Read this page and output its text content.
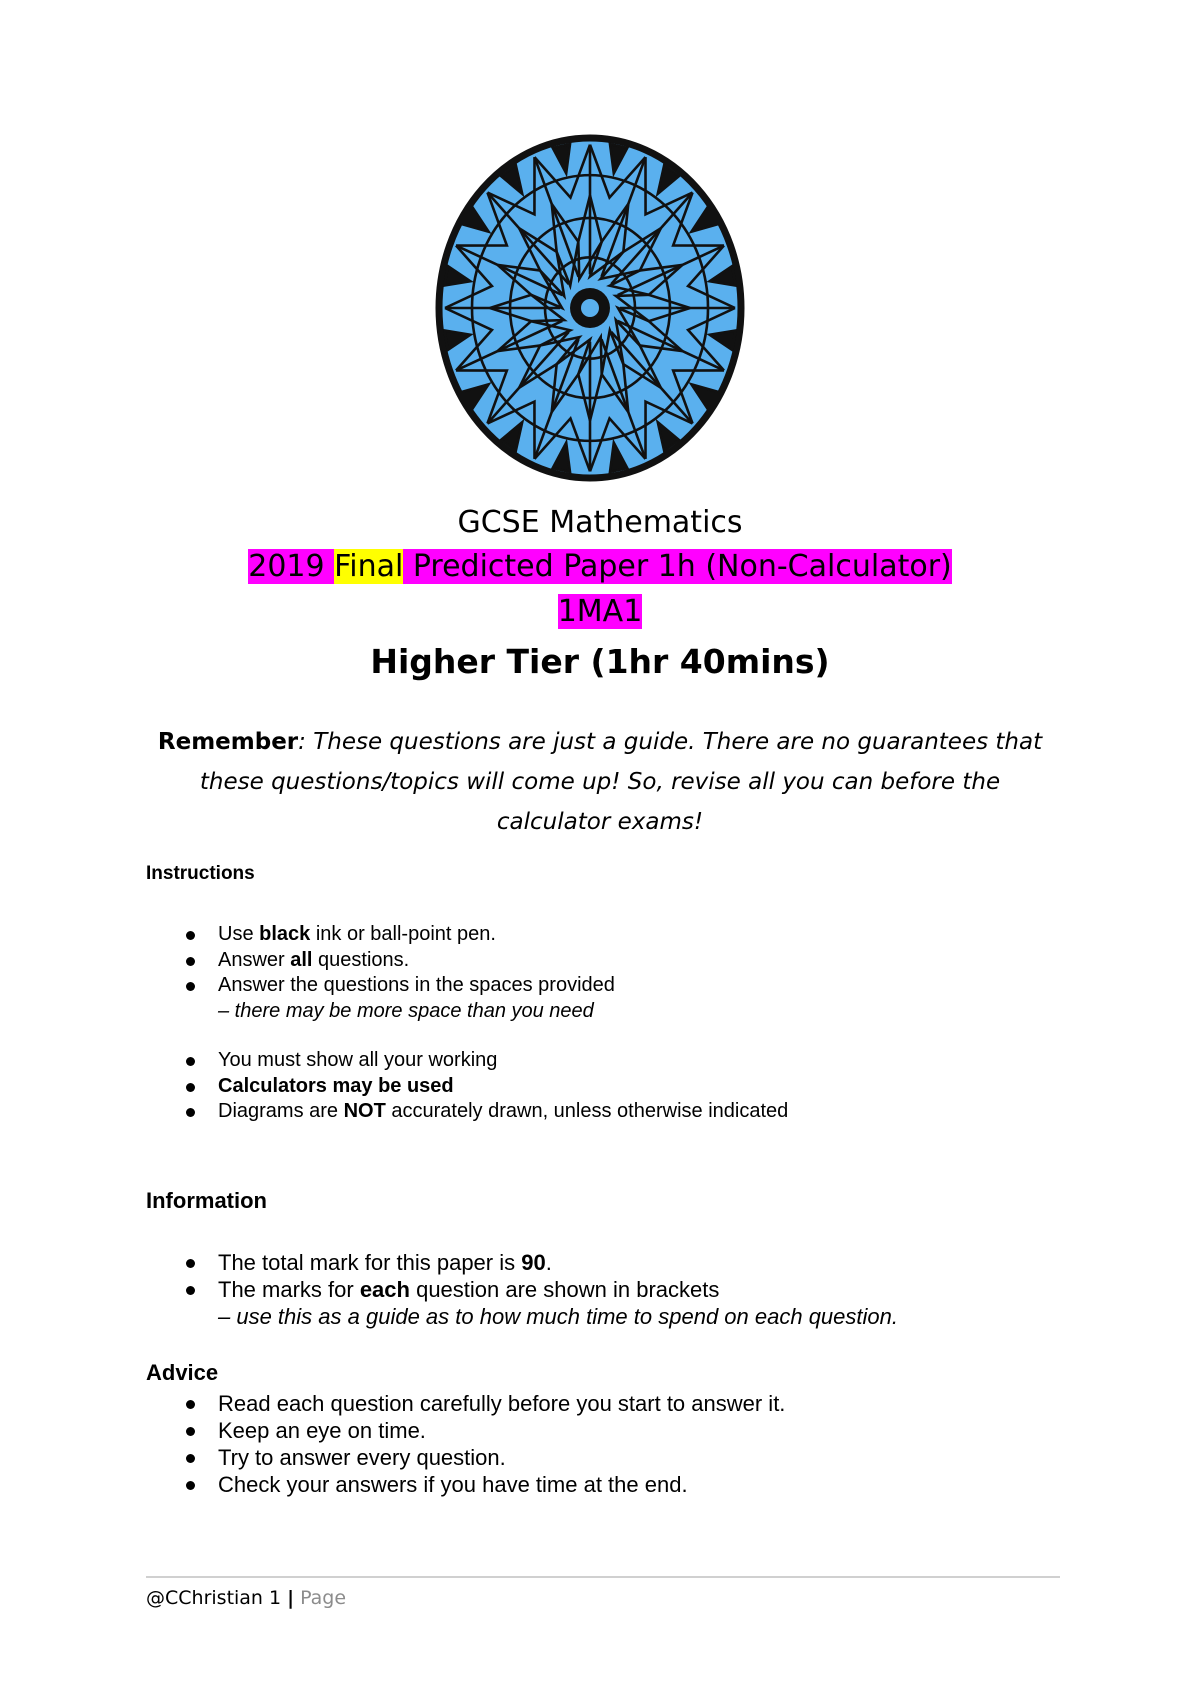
GCSE Mathematics
2019 Final Predicted Paper 1h (Non-Calculator)
1MA1
Higher Tier (1hr 40mins)
Remember: These questions are just a guide. There are no guarantees that these questions/topics will come up! So, revise all you can before the calculator exams!
Instructions
Use black ink or ball-point pen.
Answer all questions.
Answer the questions in the spaces provided
– there may be more space than you need
You must show all your working
Calculators may be used
Diagrams are NOT accurately drawn, unless otherwise indicated
Information
The total mark for this paper is 90.
The marks for each question are shown in brackets
– use this as a guide as to how much time to spend on each question.
Advice
Read each question carefully before you start to answer it.
Keep an eye on time.
Try to answer every question.
Check your answers if you have time at the end.
@CChristian 1 | Page
